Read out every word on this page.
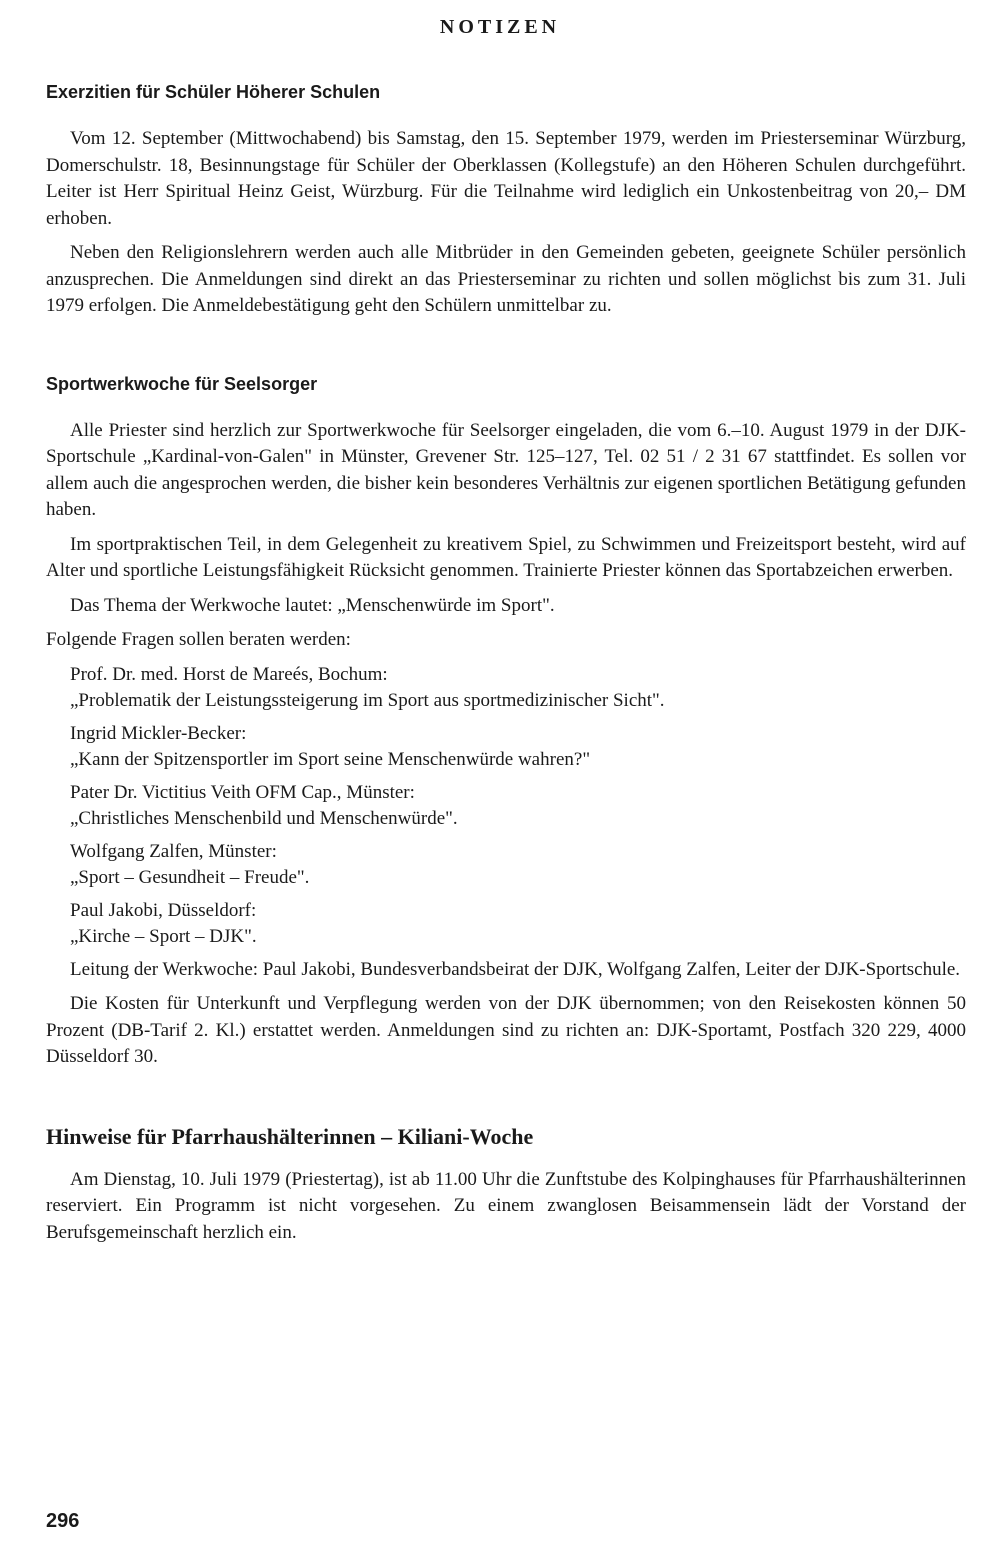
NOTIZEN
Exerzitien für Schüler Höherer Schulen

Vom 12. September (Mittwochabend) bis Samstag, den 15. September 1979, werden im Priesterseminar Würzburg, Domerschulstr. 18, Besinnungstage für Schüler der Oberklassen (Kollegstufe) an den Höheren Schulen durchgeführt. Leiter ist Herr Spiritual Heinz Geist, Würzburg. Für die Teilnahme wird lediglich ein Unkostenbeitrag von 20,– DM erhoben.

Neben den Religionslehrern werden auch alle Mitbrüder in den Gemeinden gebeten, geeignete Schüler persönlich anzusprechen. Die Anmeldungen sind direkt an das Priesterseminar zu richten und sollen möglichst bis zum 31. Juli 1979 erfolgen. Die Anmeldebestätigung geht den Schülern unmittelbar zu.

Sportwerkwoche für Seelsorger

Alle Priester sind herzlich zur Sportwerkwoche für Seelsorger eingeladen, die vom 6.–10. August 1979 in der DJK-Sportschule „Kardinal-von-Galen" in Münster, Grevener Str. 125–127, Tel. 02 51 / 2 31 67 stattfindet. Es sollen vor allem auch die angesprochen werden, die bisher kein besonderes Verhältnis zur eigenen sportlichen Betätigung gefunden haben.

Im sportpraktischen Teil, in dem Gelegenheit zu kreativem Spiel, zu Schwimmen und Freizeitsport besteht, wird auf Alter und sportliche Leistungsfähigkeit Rücksicht genommen. Trainierte Priester können das Sportabzeichen erwerben.

Das Thema der Werkwoche lautet: „Menschenwürde im Sport".

Folgende Fragen sollen beraten werden:

Prof. Dr. med. Horst de Mareés, Bochum:
„Problematik der Leistungssteigerung im Sport aus sportmedizinischer Sicht".
Ingrid Mickler-Becker:
„Kann der Spitzensportler im Sport seine Menschenwürde wahren?"
Pater Dr. Victitius Veith OFM Cap., Münster:
„Christliches Menschenbild und Menschenwürde".
Wolfgang Zalfen, Münster:
„Sport – Gesundheit – Freude".
Paul Jakobi, Düsseldorf:
„Kirche – Sport – DJK".

Leitung der Werkwoche: Paul Jakobi, Bundesverbandsbeirat der DJK, Wolfgang Zalfen, Leiter der DJK-Sportschule.

Die Kosten für Unterkunft und Verpflegung werden von der DJK übernommen; von den Reisekosten können 50 Prozent (DB-Tarif 2. Kl.) erstattet werden. Anmeldungen sind zu richten an: DJK-Sportamt, Postfach 320 229, 4000 Düsseldorf 30.

Hinweise für Pfarrhaushälterinnen – Kiliani-Woche

Am Dienstag, 10. Juli 1979 (Priestertag), ist ab 11.00 Uhr die Zunftstube des Kolpinghauses für Pfarrhaushälterinnen reserviert. Ein Programm ist nicht vorgesehen. Zu einem zwanglosen Beisammensein lädt der Vorstand der Berufsgemeinschaft herzlich ein.

296
